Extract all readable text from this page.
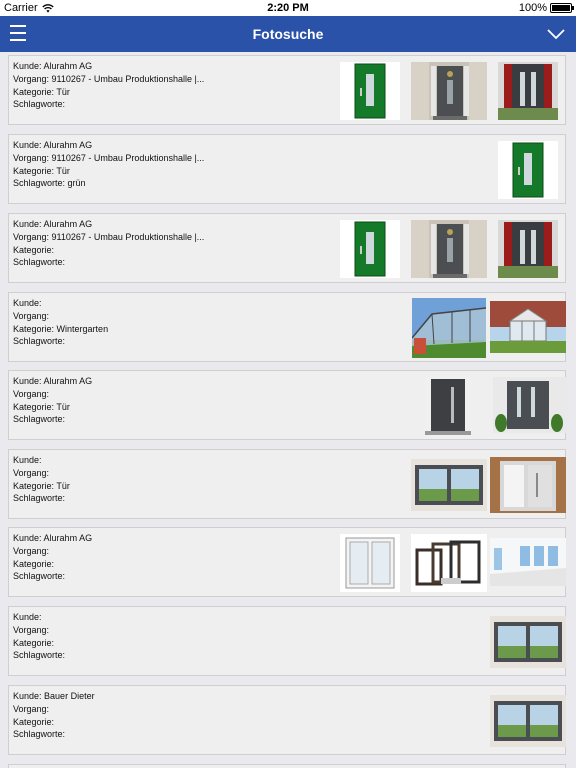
Carrier	2:20 PM	100%
Fotosuche
Kunde: Alurahm AG
Vorgang: 9110267 - Umbau Produktionshalle |...
Kategorie: Tür
Schlagworte:
Kunde: Alurahm AG
Vorgang: 9110267 - Umbau Produktionshalle |...
Kategorie: Tür
Schlagworte: grün
Kunde: Alurahm AG
Vorgang: 9110267 - Umbau Produktionshalle |...
Kategorie:
Schlagworte:
Kunde:
Vorgang:
Kategorie: Wintergarten
Schlagworte:
Kunde: Alurahm AG
Vorgang:
Kategorie: Tür
Schlagworte:
Kunde:
Vorgang:
Kategorie: Tür
Schlagworte:
Kunde: Alurahm AG
Vorgang:
Kategorie:
Schlagworte:
Kunde:
Vorgang:
Kategorie:
Schlagworte:
Kunde: Bauer Dieter
Vorgang:
Kategorie:
Schlagworte:
